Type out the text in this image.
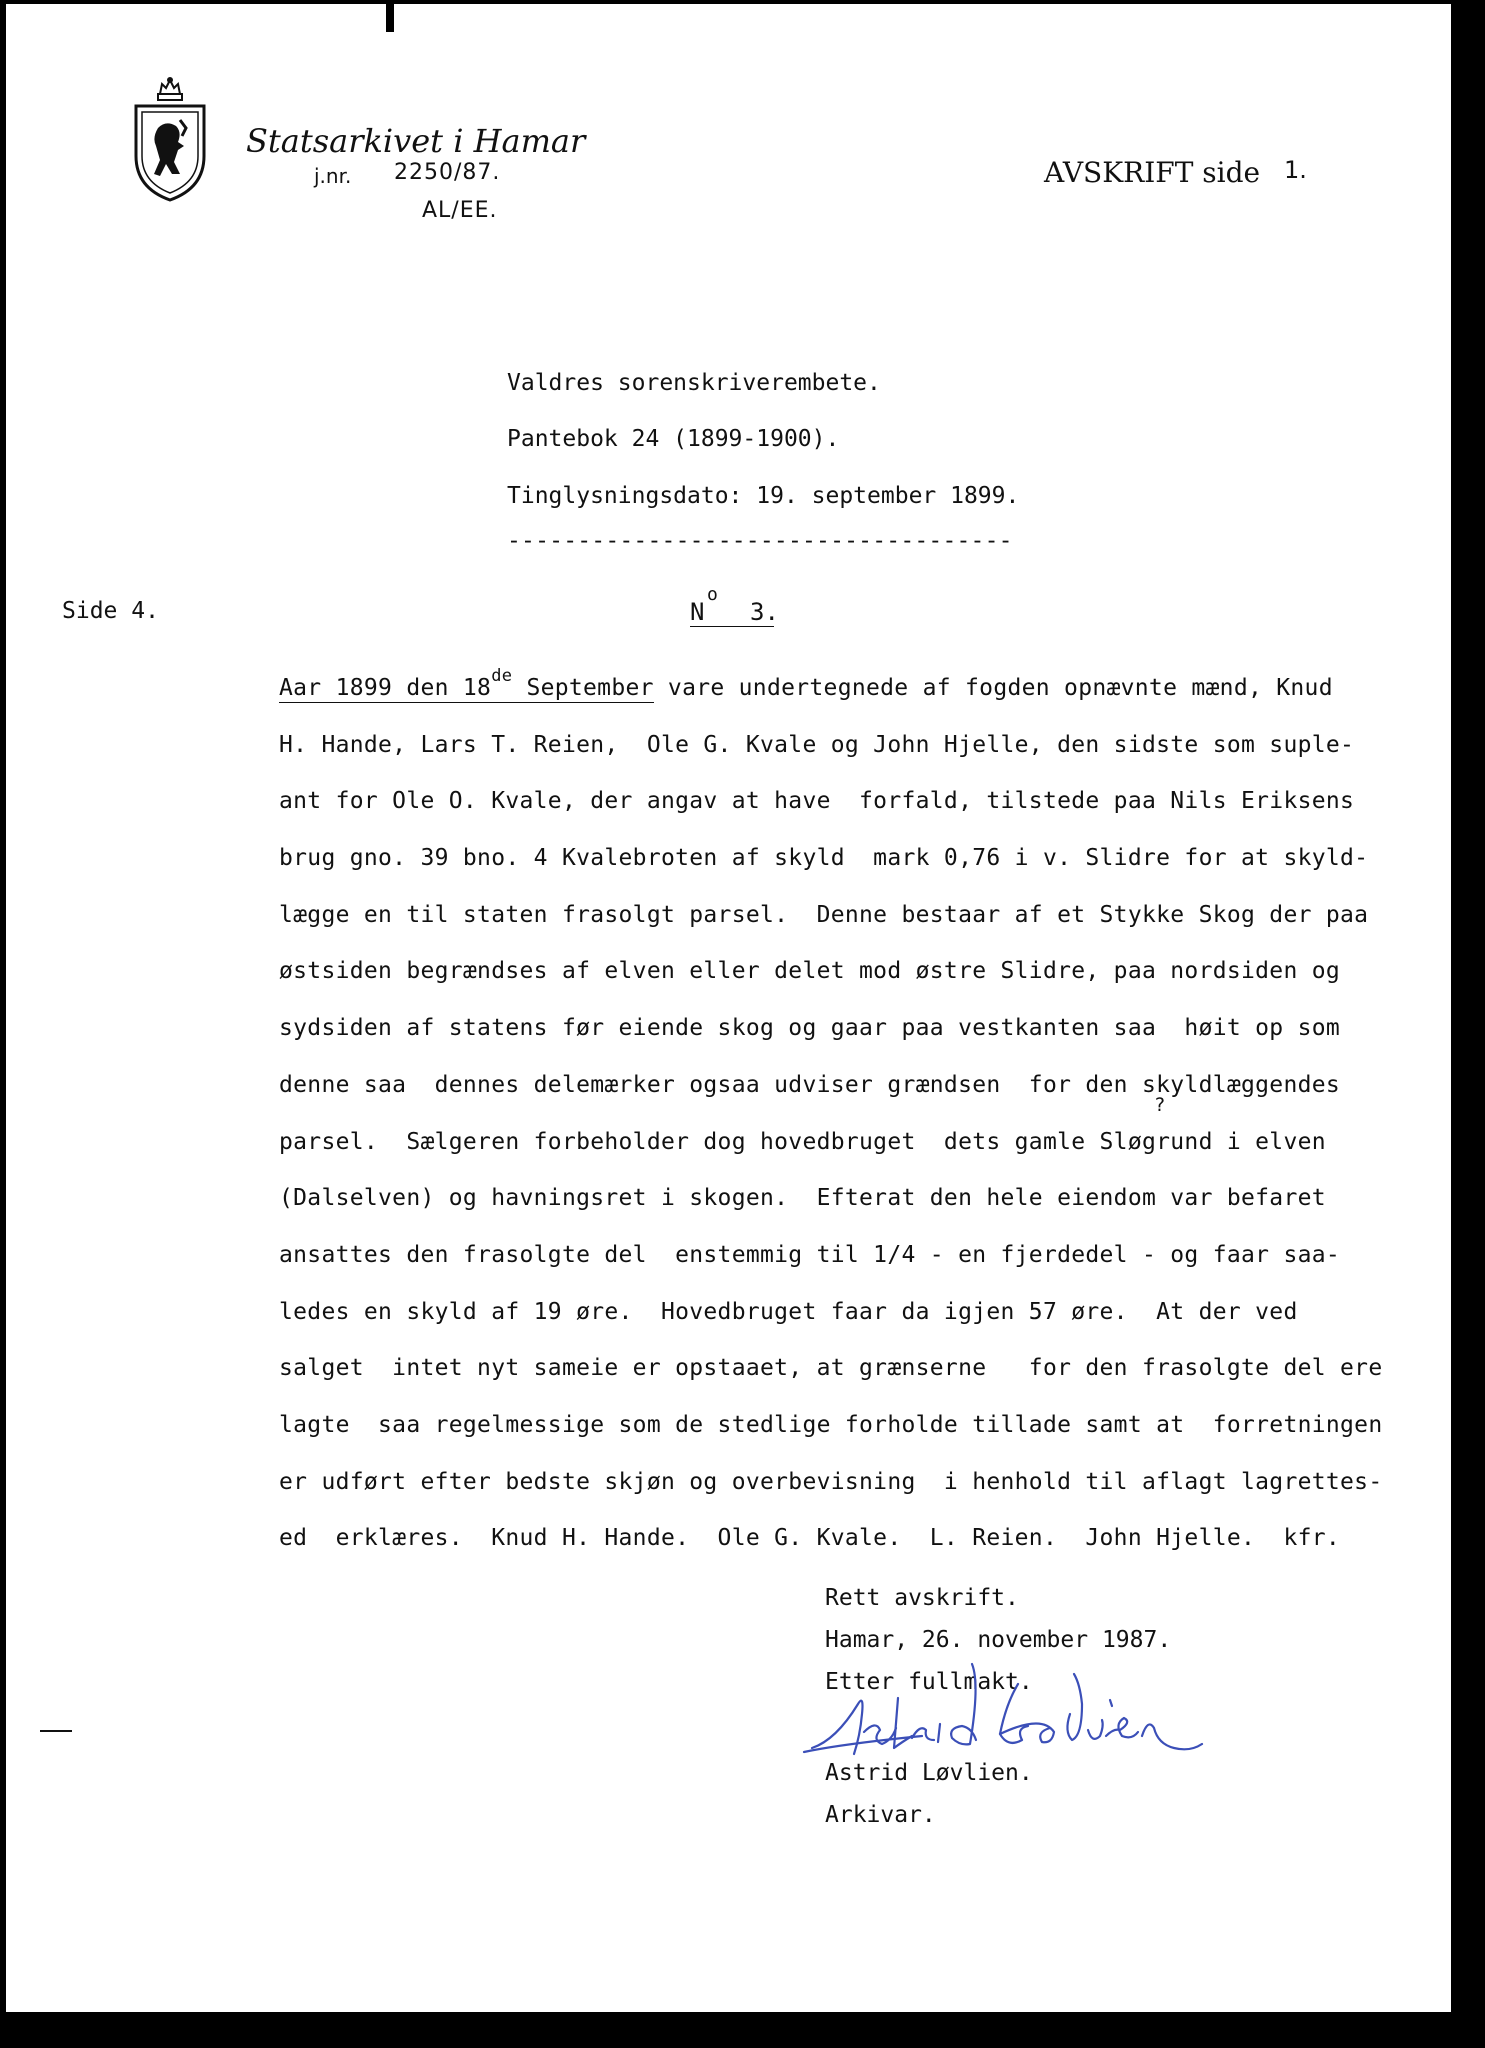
Statsarkivet i Hamar
j.nr. 2250/87.
AL/EE.
AVSKRIFT side 1.
Valdres sorenskriverembete.
Pantebok 24 (1899-1900).
Tinglysningsdato: 19. september 1899.
------------------------------------
Side 4.	N
o
3.
Aar 1899 den 18de September vare undertegnede af fogden opnævnte mænd, Knud
H. Hande, Lars T. Reien,  Ole G. Kvale og John Hjelle, den sidste som suple-
ant for Ole O. Kvale, der angav at have  forfald, tilstede paa Nils Eriksens
brug gno. 39 bno. 4 Kvalebroten af skyld  mark 0,76 i v. Slidre for at skyld-
lægge en til staten frasolgt parsel.  Denne bestaar af et Stykke Skog der paa
østsiden begrændses af elven eller delet mod østre Slidre, paa nordsiden og
sydsiden af statens før eiende skog og gaar paa vestkanten saa  høit op som
denne saa  dennes delemærker ogsaa udviser grændsen  for den skyldlæggendes
parsel.  Sælgeren forbeholder dog hovedbruget  dets gamle Sløgrund i elven
(Dalselven) og havningsret i skogen.  Efterat den hele eiendom var befaret
ansattes den frasolgte del  enstemmig til 1/4 - en fjerdedel - og faar saa-
ledes en skyld af 19 øre.  Hovedbruget faar da igjen 57 øre.  At der ved
salget  intet nyt sameie er opstaaet, at grænserne   for den frasolgte del ere
lagte  saa regelmessige som de stedlige forholde tillade samt at  forretningen
er udført efter bedste skjøn og overbevisning  i henhold til aflagt lagrettes-
ed  erklæres.  Knud H. Hande.  Ole G. Kvale.  L. Reien.  John Hjelle.  kfr.
?
Rett avskrift.
Hamar, 26. november 1987.
Etter fullmakt.
Astrid Løvlien.
Arkivar.
